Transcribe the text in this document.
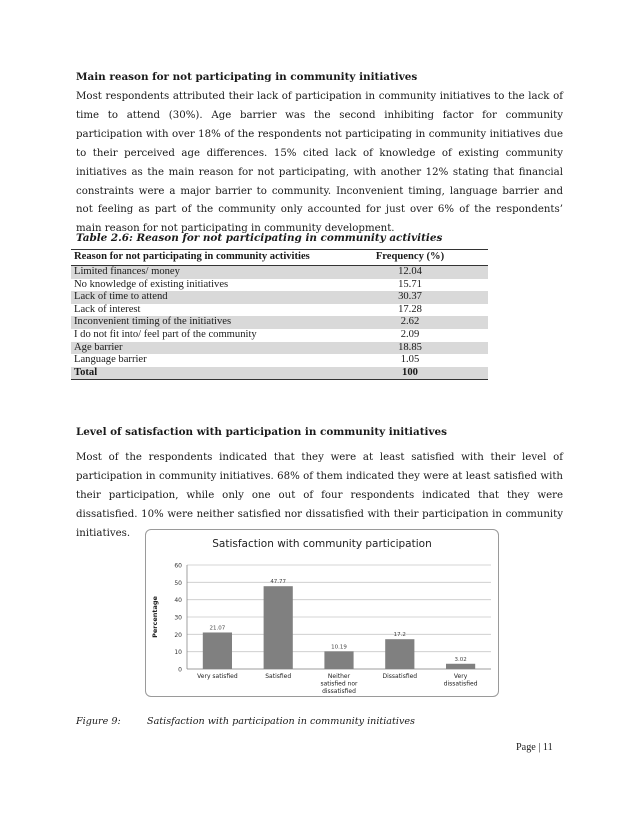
Main reason for not participating in community initiatives

Most respondents attributed their lack of participation in community initiatives to the lack of time to attend (30%). Age barrier was the second inhibiting factor for community participation with over 18% of the respondents not participating in community initiatives due to their perceived age differences. 15% cited lack of knowledge of existing community initiatives as the main reason for not participating, with another 12% stating that financial constraints were a major barrier to community. Inconvenient timing, language barrier and not feeling as part of the community only accounted for just over 6% of the respondents’ main reason for not participating in community development.

Table 2.6: Reason for not participating in community activities
Reason for not participating in community activities	Frequency (%)
Limited finances/ money	12.04
No knowledge of existing initiatives	15.71
Lack of time to attend	30.37
Lack of interest	17.28
Inconvenient timing of the initiatives	2.62
I do not fit into/ feel part of the community	2.09
Age barrier	18.85
Language barrier	1.05
Total	100
Level of satisfaction with participation in community initiatives

Most of the respondents indicated that they were at least satisfied with their level of participation in community initiatives. 68% of them indicated they were at least satisfied with their participation, while only one out of four respondents indicated that they were dissatisfied. 10% were neither satisfied nor dissatisfied with their participation in community initiatives.

Satisfaction with community participation
0
10
20
30
40
50
60
Percentage	21.07
Very satisfied
47.77
Satisfied
10.19
Neither
satisfied nor
dissatisfied
17.2
Dissatisfied
3.02
Very
dissatisfied
Figure 9:	Satisfaction with participation in community initiatives
Page | 11
